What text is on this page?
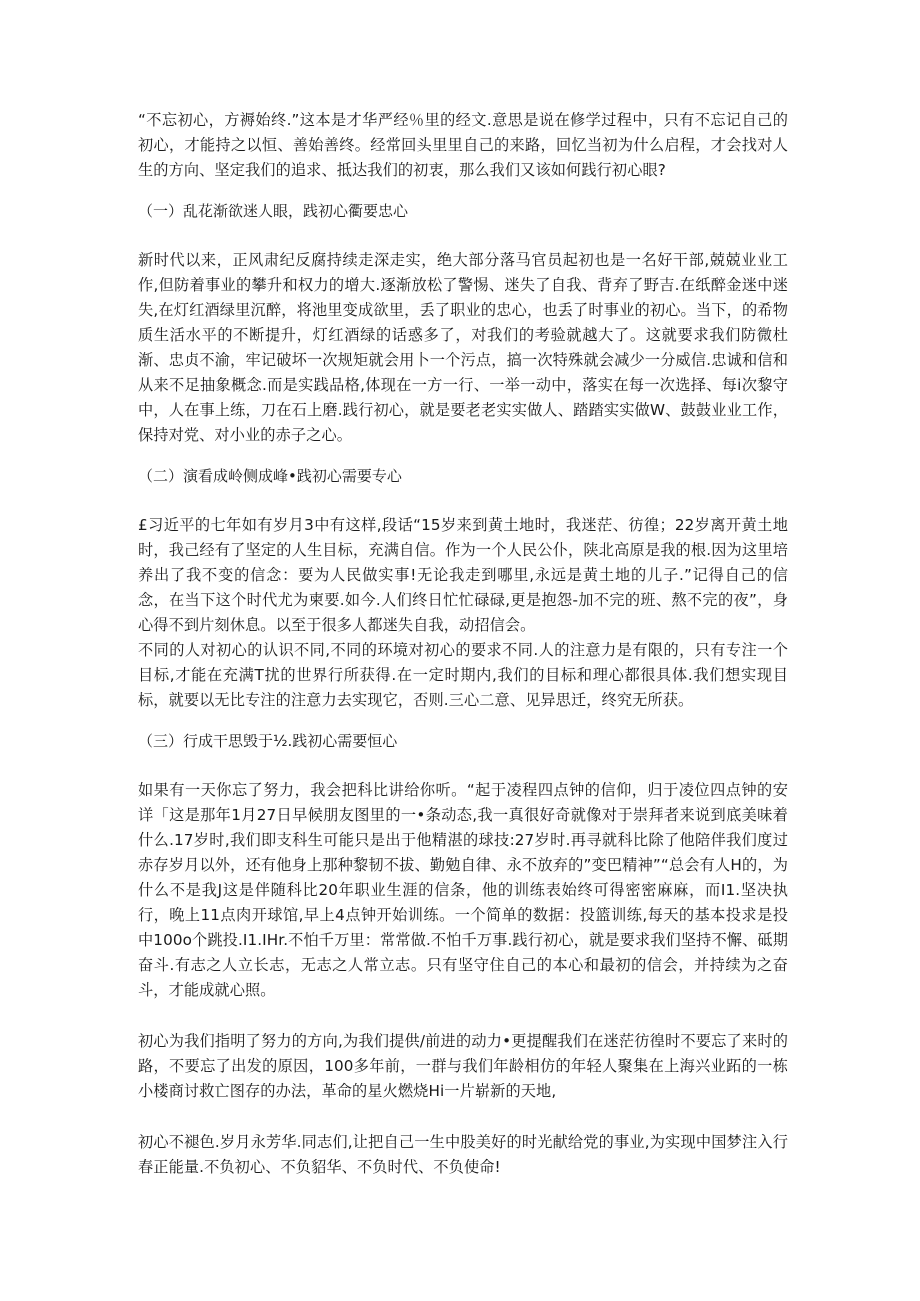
“不忘初心，方褥始终.”这本是才华严经％里的经文.意思是说在修学过程中，只有不忘记自己的初心，才能持之以恒、善始善终。经常回头里里自己的来路，回忆当初为什么启程，才会找对人生的方向、坚定我们的追求、抵达我们的初衷，那么我们又该如何践行初心眼?

（一）乱花渐欲迷人眼，践初心衢要忠心

新时代以来，正风肃纪反腐持续走深走实，绝大部分落马官员起初也是一名好干部,兢兢业业工作,但防着事业的攀升和权力的增大.逐渐放松了警惕、迷失了自我、背弃了野吉.在纸醉金迷中迷失,在灯红酒绿里沉醉，将池里变成欲里，丢了职业的忠心，也丢了时事业的初心。当下，的希物质生活水平的不断提升，灯红酒绿的话惑多了，对我们的考验就越大了。这就要求我们防微杜渐、忠贞不渝，牢记破坏一次规矩就会用卜一个污点，搞一次特殊就会减少一分威信.忠诚和信和从来不足抽象概念.而是实践品格,体现在一方一行、一举一动中，落实在每一次选择、每i次黎守中，人在事上练，刀在石上磨.践行初心，就是要老老实实做人、踏踏实实做W、鼓鼓业业工作，保持对党、对小业的赤子之心。

（二）演看成岭侧成峰•践初心需要专心

£习近平的七年如有岁月3中有这样,段话“15岁来到黄土地时，我迷茫、彷徨；22岁离开黄土地时，我己经有了坚定的人生目标，充满自信。作为一个人民公仆，陕北高原是我的根.因为这里培养出了我不变的信念：要为人民做实事!无论我走到哪里,永远是黄土地的儿子.”记得自己的信念，在当下这个时代尤为柬要.如今.人们终日忙忙碌碌,更是抱怨-加不完的班、熬不完的夜”，身心得不到片刻休息。以至于很多人都迷失自我，动招信会。

不同的人对初心的认识不同,不同的环境对初心的要求不同.人的注意力是有限的，只有专注一个目标,才能在充满T扰的世界行所获得.在一定时期内,我们的目标和理心都很具体.我们想实现目标，就要以无比专注的注意力去实现它，否则.三心二意、见异思迁，终究无所获。

（三）行成干思毁于½.践初心需要恒心

如果有一天你忘了努力，我会把科比讲给你听。“起于凌程四点钟的信仰，归于凌位四点钟的安详「这是那年1月27日早候朋友图里的一•条动态,我一真很好奇就像对于崇拜者来说到底美味着什么.17岁时,我们即支科生可能只是出于他精湛的球技:27岁时.再寻就科比除了他陪伴我们度过赤存岁月以外，还有他身上那种黎韧不拔、勤勉自律、永不放弃的”变巴精神”“总会有人H的，为什么不是我J这是伴随科比20年职业生涯的信条，他的训练表始终可得密密麻麻，而I1.坚决执行，晚上11点肉开球馆,早上4点钟开始训练。一个简单的数据：投篮训练,每天的基本投求是投中100o个跳投.I1.IHr.不怕千万里：常常做.不怕千万事.践行初心，就是要求我们坚持不懈、砥期奋斗.有志之人立长志，无志之人常立志。只有坚守住自己的本心和最初的信会，并持续为之奋斗，才能成就心照。

初心为我们指明了努力的方向,为我们提供/前进的动力•更提醒我们在迷茫彷徨时不要忘了来时的路，不要忘了出发的原因，100多年前，一群与我们年龄相仿的年轻人聚集在上海兴业跖的一栋小楼商讨救亡图存的办法，革命的星火燃烧Hi一片崭新的天地,

初心不褪色.岁月永芳华.同志们,让把自己一生中股美好的时光献给党的事业,为实现中国梦注入行春正能量.不负初心、不负貂华、不负时代、不负使命!
